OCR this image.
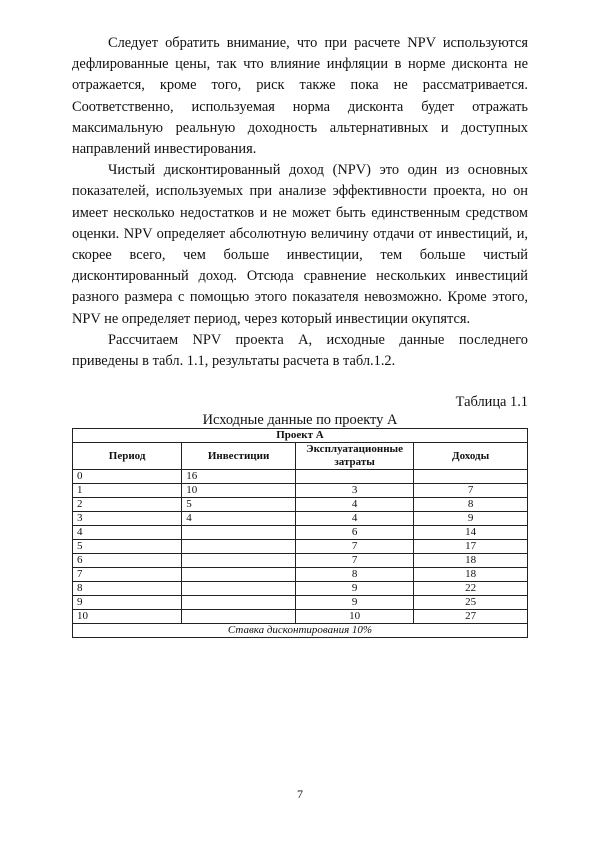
Следует обратить внимание, что при расчете NPV используются дефлированные цены, так что влияние инфляции в норме дисконта не отражается, кроме того, риск также пока не рассматривается. Соответственно, используемая норма дисконта будет отражать максимальную реальную доходность альтернативных и доступных направлений инвестирования.

Чистый дисконтированный доход (NPV) это один из основных показателей, используемых при анализе эффективности проекта, но он имеет несколько недостатков и не может быть единственным средством оценки. NPV определяет абсолютную величину отдачи от инвестиций, и, скорее всего, чем больше инвестиции, тем больше чистый дисконтированный доход. Отсюда сравнение нескольких инвестиций разного размера с помощью этого показателя невозможно. Кроме этого, NPV не определяет период, через который инвестиции окупятся.

Рассчитаем NPV проекта А, исходные данные последнего приведены в табл. 1.1, результаты расчета в табл.1.2.

Таблица 1.1
Исходные данные по проекту А
Проект А			
Период	Инвестиции	Эксплуатационные затраты	Доходы
0	16		
1	10	3	7
2	5	4	8
3	4	4	9
4		6	14
5		7	17
6		7	18
7		8	18
8		9	22
9		9	25
10		10	27
Ставка дисконтирования 10%			
7
